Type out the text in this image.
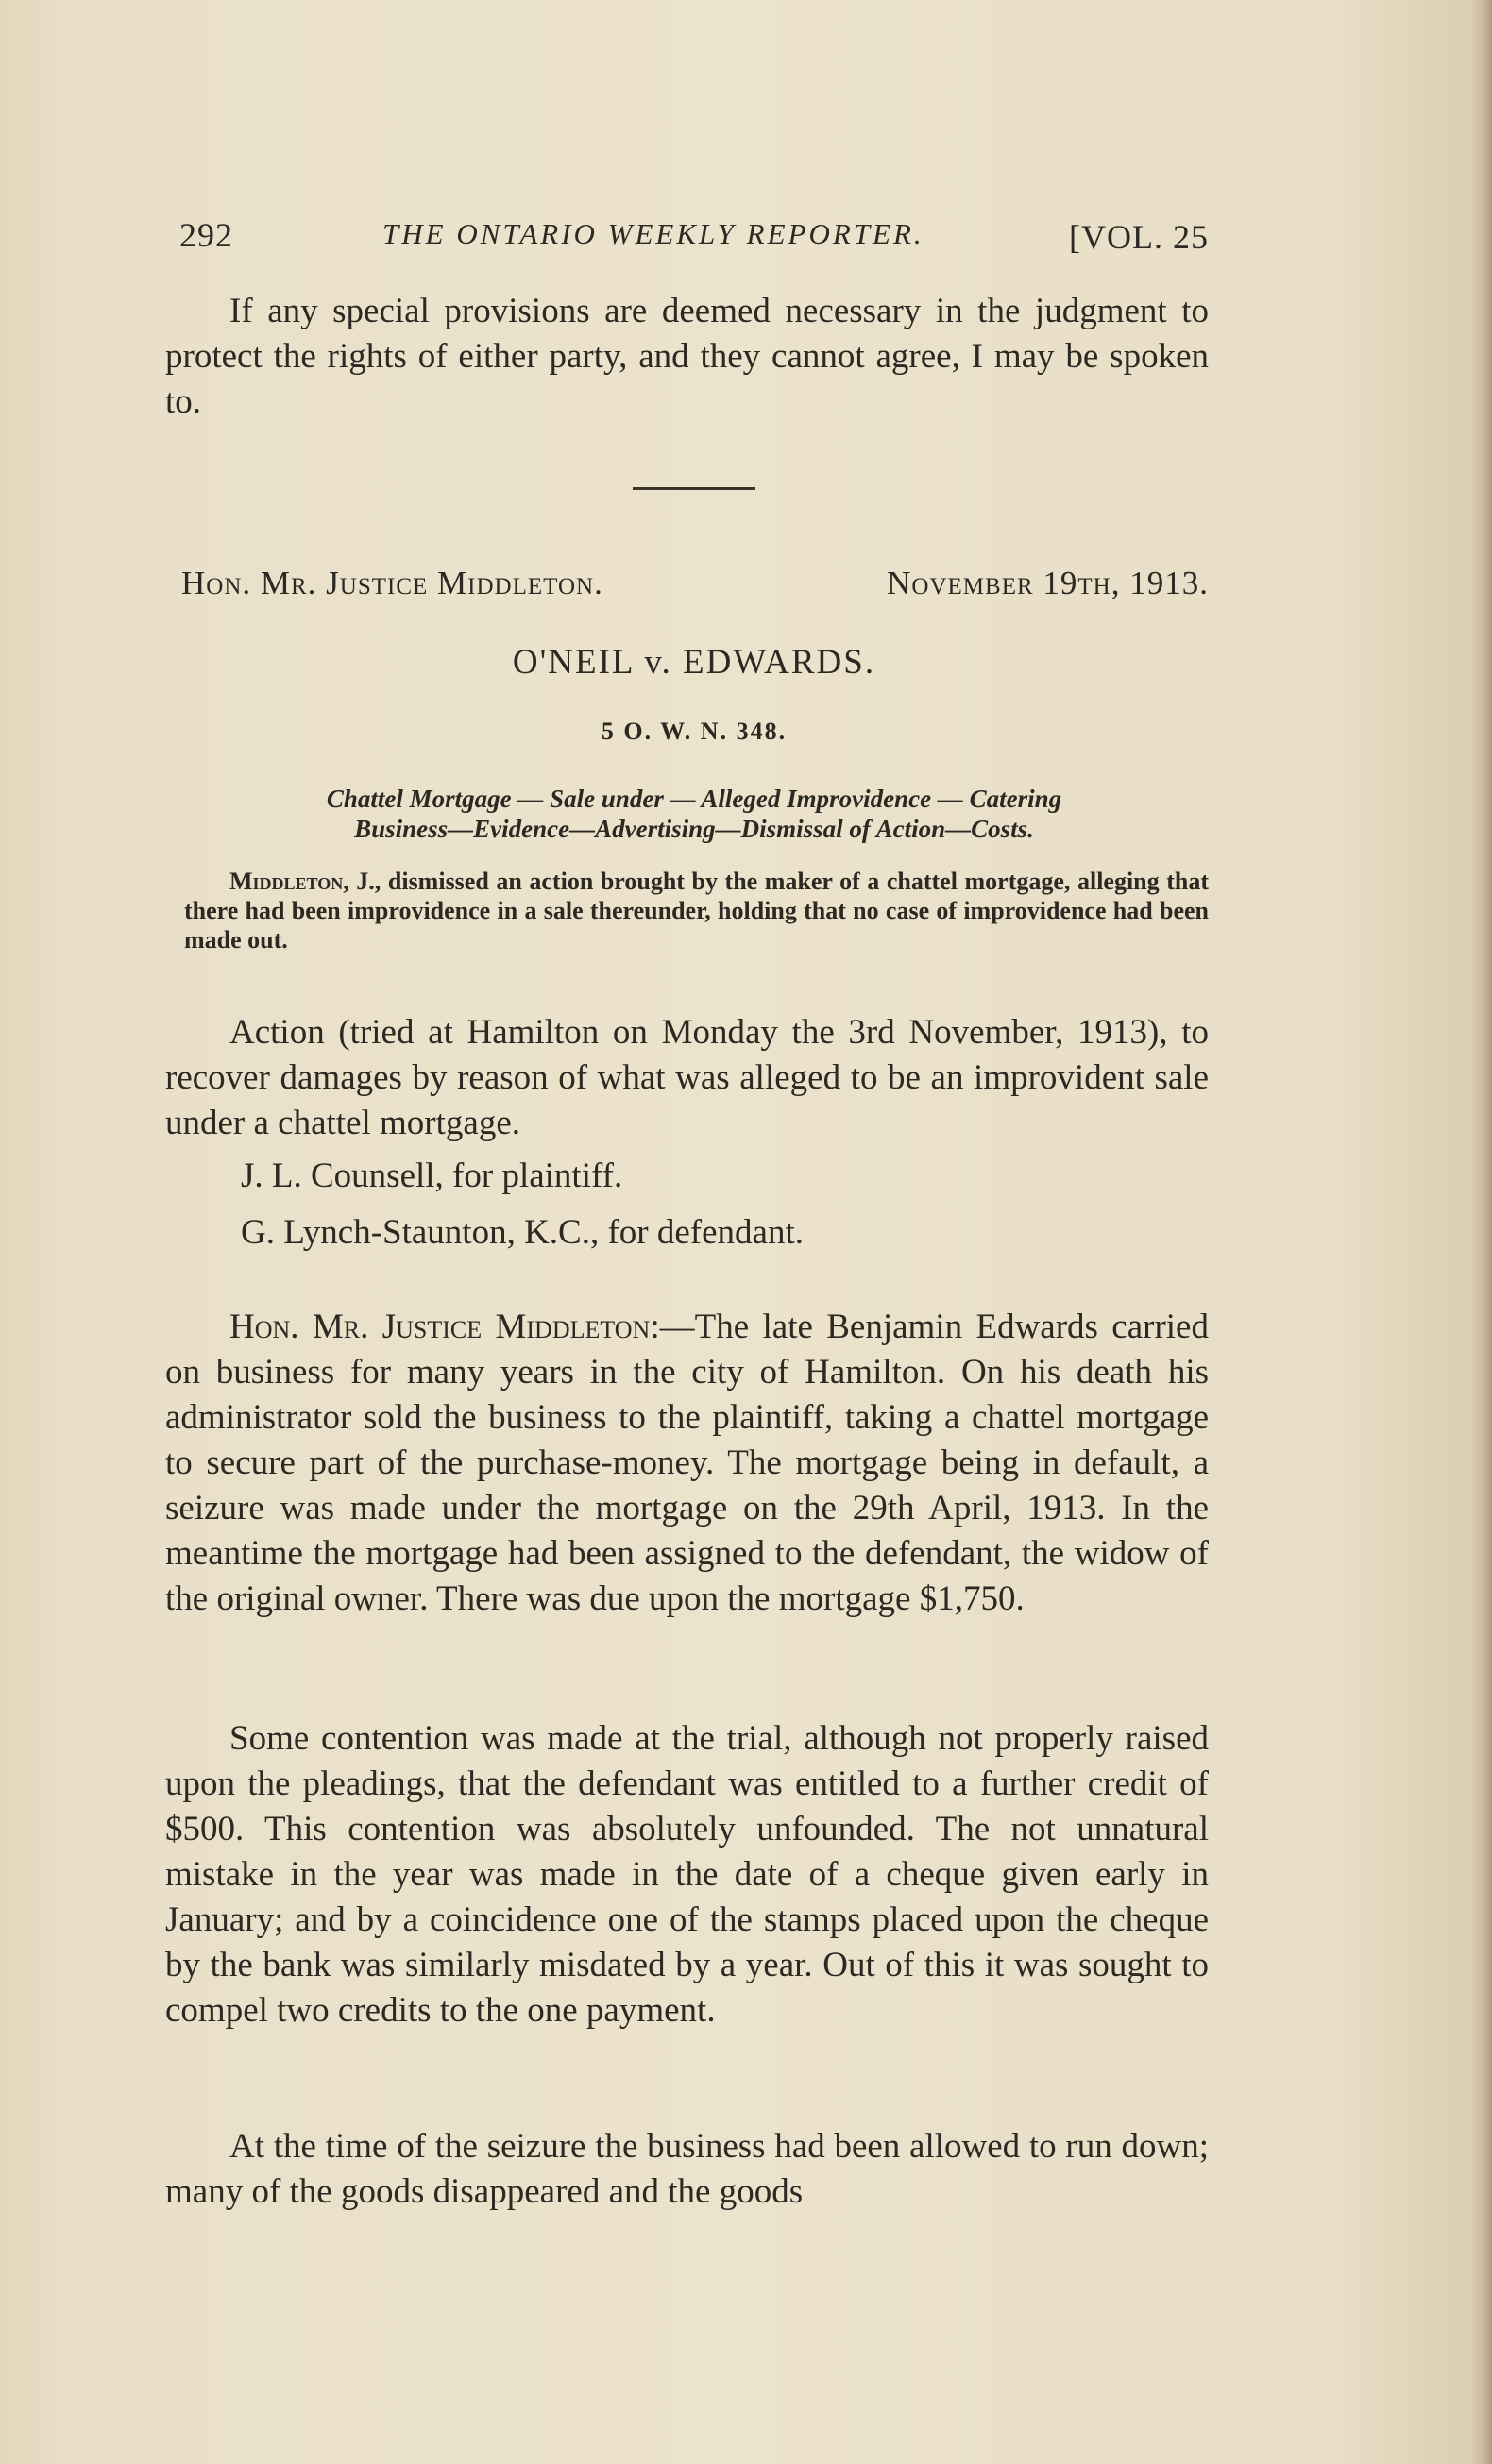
292	THE ONTARIO WEEKLY REPORTER.	[VOL. 25

If any special provisions are deemed necessary in the judgment to protect the rights of either party, and they cannot agree, I may be spoken to.

Hon. Mr. Justice Middleton.	November 19th, 1913.
O'NEIL v. EDWARDS.
5 O. W. N. 348.
Chattel Mortgage — Sale under — Alleged Improvidence — Catering
Business—Evidence—Advertising—Dismissal of Action—Costs.
Middleton, J., dismissed an action brought by the maker of a chattel mortgage, alleging that there had been improvidence in a sale thereunder, holding that no case of improvidence had been made out.

Action (tried at Hamilton on Monday the 3rd November, 1913), to recover damages by reason of what was alleged to be an improvident sale under a chattel mortgage.

J. L. Counsell, for plaintiff.

G. Lynch-Staunton, K.C., for defendant.

Hon. Mr. Justice Middleton:—The late Benjamin Edwards carried on business for many years in the city of Hamilton. On his death his administrator sold the business to the plaintiff, taking a chattel mortgage to secure part of the purchase-money. The mortgage being in default, a seizure was made under the mortgage on the 29th April, 1913. In the meantime the mortgage had been assigned to the defendant, the widow of the original owner. There was due upon the mortgage $1,750.

Some contention was made at the trial, although not properly raised upon the pleadings, that the defendant was entitled to a further credit of $500. This contention was absolutely unfounded. The not unnatural mistake in the year was made in the date of a cheque given early in January; and by a coincidence one of the stamps placed upon the cheque by the bank was similarly misdated by a year. Out of this it was sought to compel two credits to the one payment.

At the time of the seizure the business had been allowed to run down; many of the goods disappeared and the goods
